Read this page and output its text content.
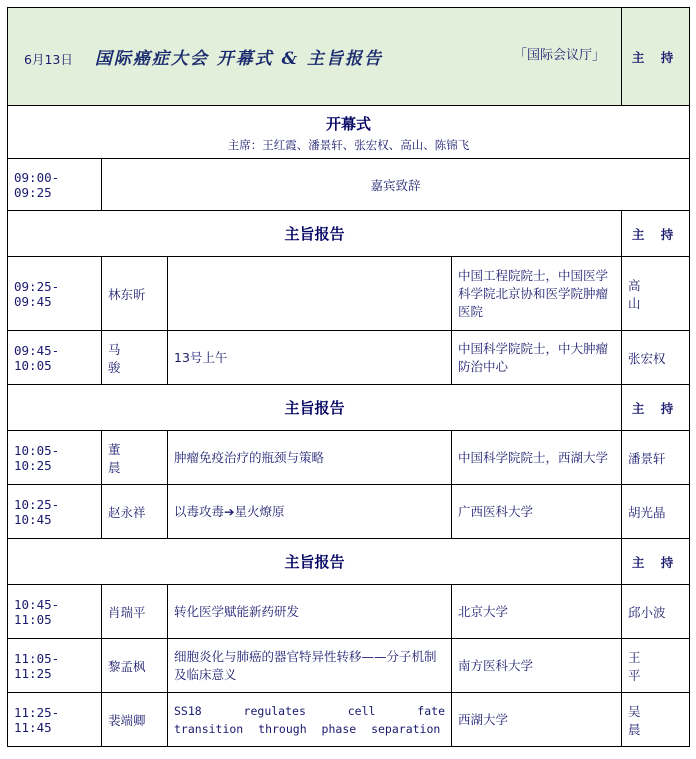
6月13日 国际癌症大会 开幕式 & 主旨报告 「国际会议厅」				主 持

开幕式
主席：王红霞、潘景轩、张宏权、高山、陈锦飞				

09:00-09:25	嘉宾致辞			
主旨报告				主 持
09:25-09:45	林东昕		中国工程院院士，中国医学科学院北京协和医学院肿瘤医院	高 山
09:45-10:05	马 骏	13号上午	中国科学院院士，中大肿瘤防治中心	张宏权
主旨报告				主 持
10:05-10:25	董 晨	肿瘤免疫治疗的瓶颈与策略	中国科学院院士，西湖大学	潘景轩
10:25-10:45	赵永祥	以毒攻毒➔星火燎原	广西医科大学	胡光晶
主旨报告				主 持
10:45-11:05	肖瑞平	转化医学赋能新药研发	北京大学	邱小波
11:05-11:25	黎孟枫	细胞炎化与肺癌的器官特异性转移——分子机制及临床意义	南方医科大学	王 平
11:25-11:45	裴端卿	SS18 regulates cell fate transition through phase separation	西湖大学	吴 晨
